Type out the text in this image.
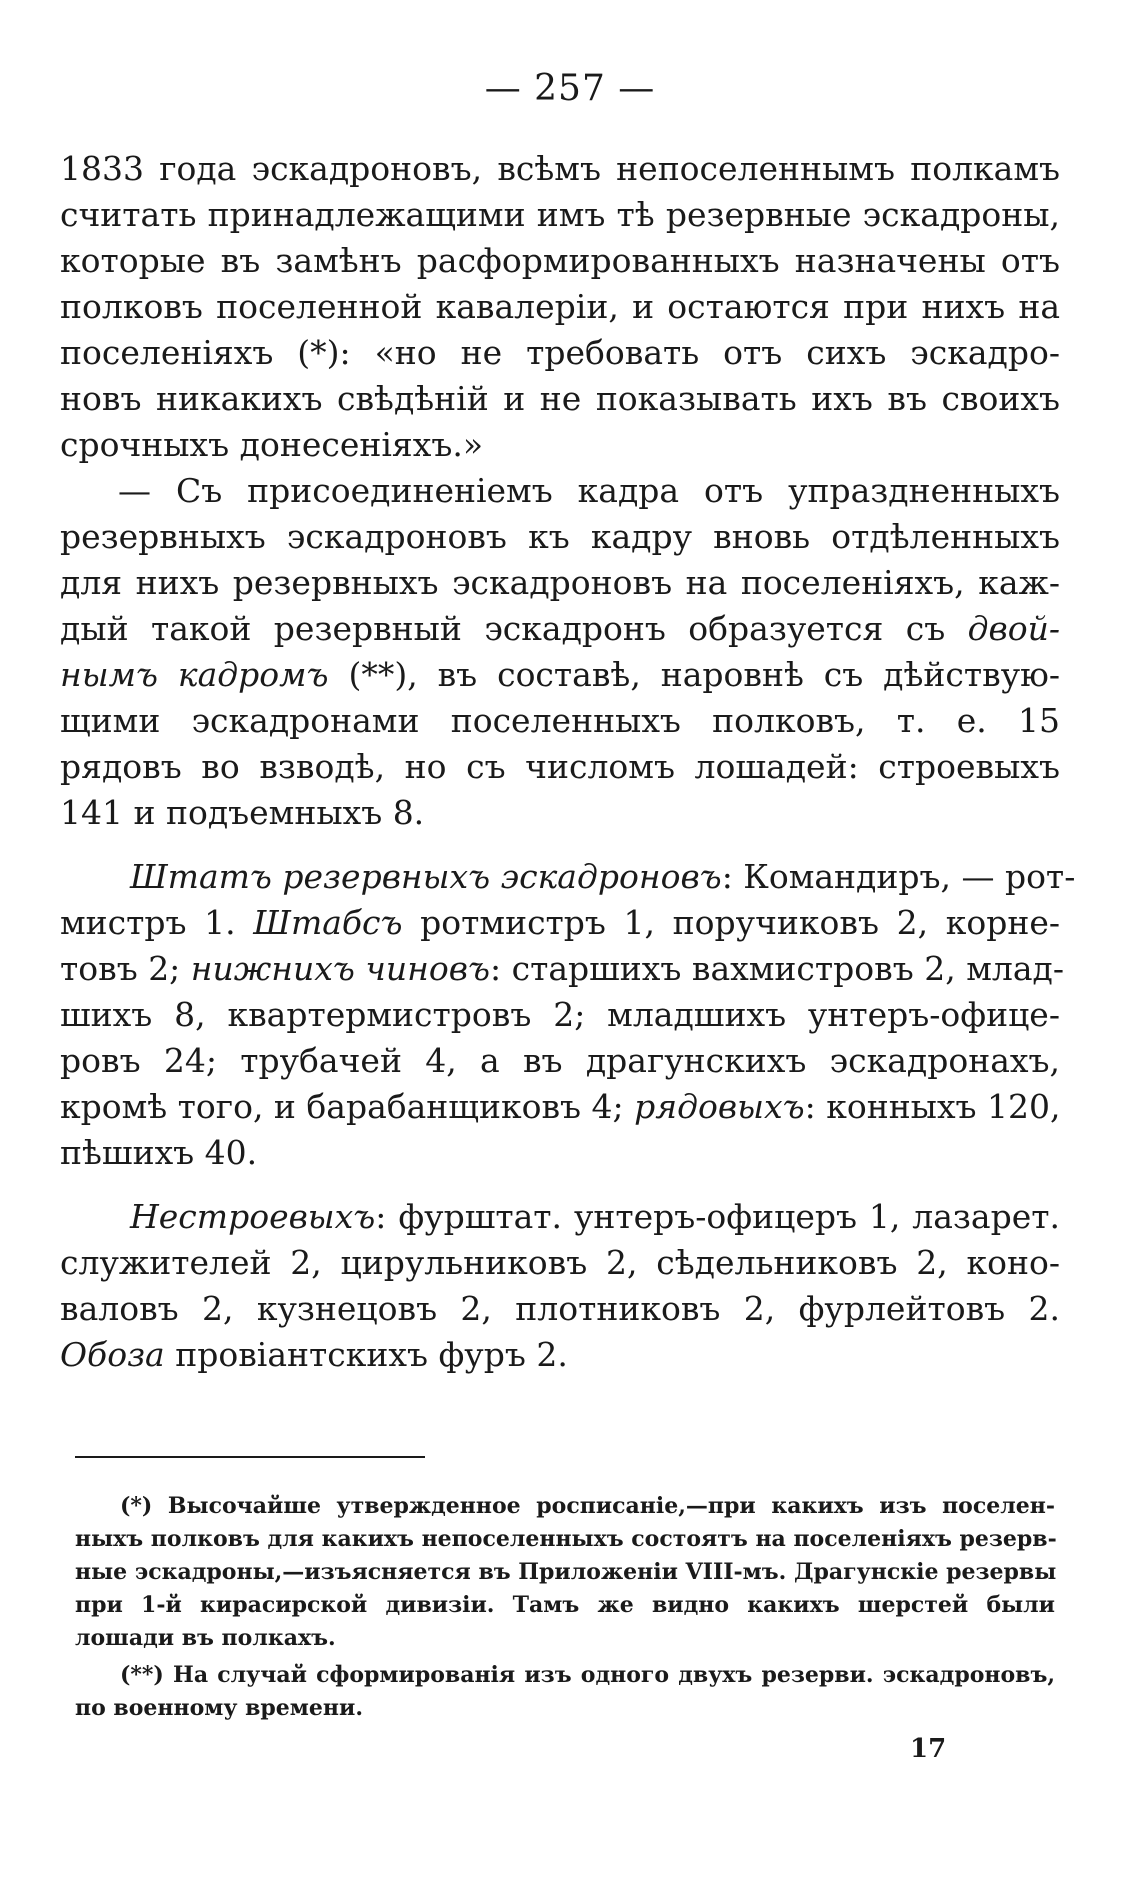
— 257 —

1833 года эскадроновъ, всѣмъ непоселеннымъ полкамъ
считать принадлежащими имъ тѣ резервные эскадроны,
которые въ замѣнъ расформированныхъ назначены отъ
полковъ поселенной кавалеріи, и остаются при нихъ на
поселеніяхъ (*): «но не требовать отъ сихъ эскадро-
новъ никакихъ свѣдѣній и не показывать ихъ въ своихъ
срочныхъ донесеніяхъ.»

— Съ присоединеніемъ кадра отъ упраздненныхъ
резервныхъ эскадроновъ къ кадру вновь отдѣленныхъ
для нихъ резервныхъ эскадроновъ на поселеніяхъ, каж-
дый такой резервный эскадронъ образуется съ двой-
нымъ кадромъ (**), въ составѣ, наровнѣ съ дѣйствую-
щими эскадронами поселенныхъ полковъ, т. е. 15
рядовъ во взводѣ, но съ числомъ лошадей: строевыхъ
141 и подъемныхъ 8.

Штатъ резервныхъ эскадроновъ: Командиръ, — рот-
мистръ 1. Штабсъ ротмистръ 1, поручиковъ 2, корне-
товъ 2; нижнихъ чиновъ: старшихъ вахмистровъ 2, млад-
шихъ 8, квартермистровъ 2; младшихъ унтеръ-офице-
ровъ 24; трубачей 4, а въ драгунскихъ эскадронахъ,
кромѣ того, и барабанщиковъ 4; рядовыхъ: конныхъ 120,
пѣшихъ 40.

Нестроевыхъ: фурштат. унтеръ-офицеръ 1, лазарет.
служителей 2, цирульниковъ 2, сѣдельниковъ 2, коно-
валовъ 2, кузнецовъ 2, плотниковъ 2, фурлейтовъ 2.
Обоза провіантскихъ фуръ 2.

(*) Высочайше утвержденное росписаніе,—при какихъ изъ поселен-
ныхъ полковъ для какихъ непоселенныхъ состоятъ на поселеніяхъ резерв-
ные эскадроны,—изъясняется въ Приложеніи VIII-мъ. Драгунскіе резервы
при 1-й кирасирской дивизіи. Тамъ же видно какихъ шерстей были
лошади въ полкахъ.
(**) На случай сформированія изъ одного двухъ резерви. эскадроновъ,
по военному времени.
17
